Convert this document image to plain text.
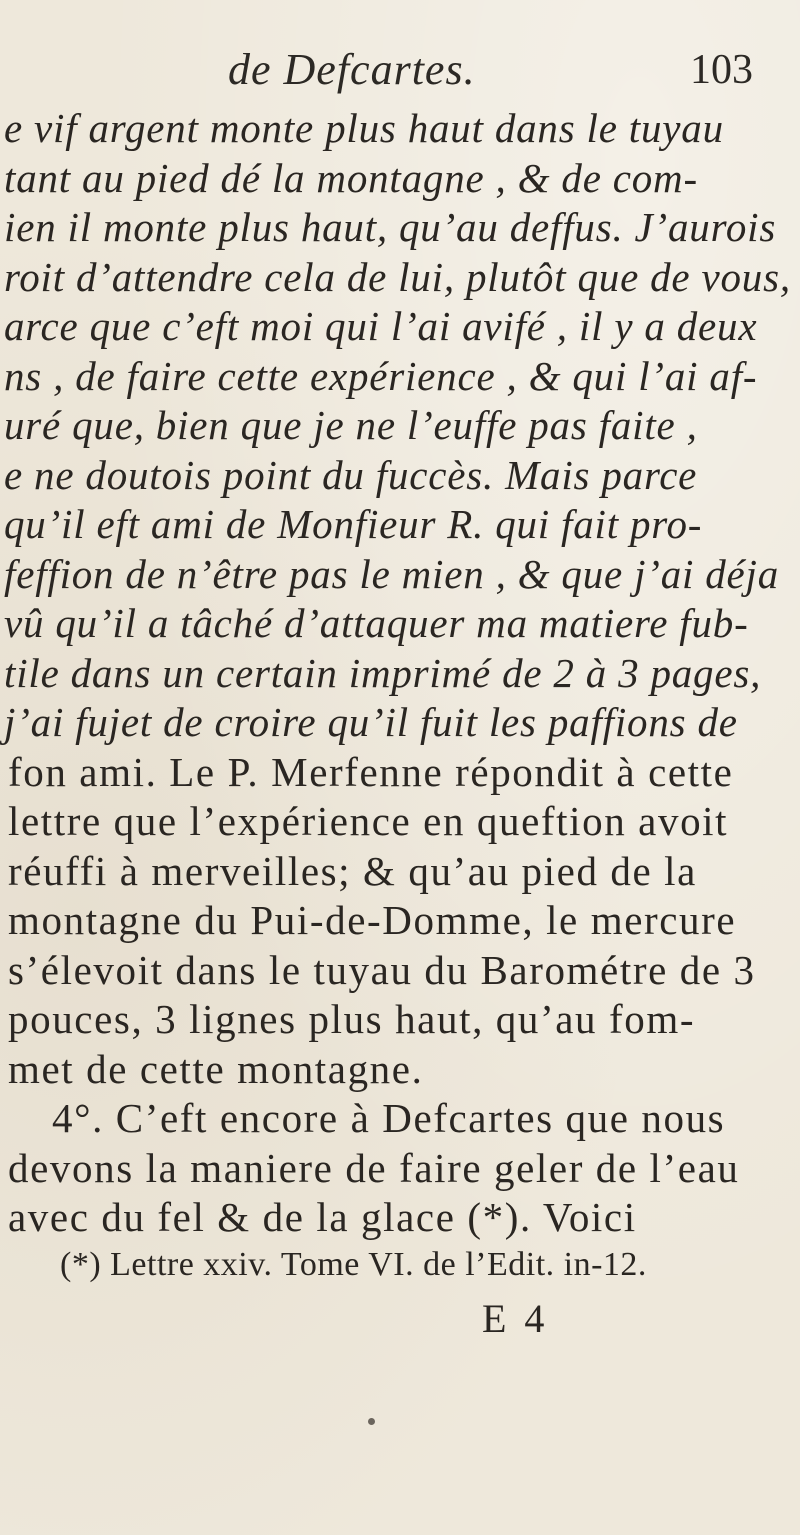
de Defcartes.	103
e vif argent monte plus haut dans le tuyau
tant au pied dé la montagne , & de com-
ien il monte plus haut, qu’au deffus. J’aurois
roit d’attendre cela de lui, plutôt que de vous,
arce que c’eft moi qui l’ai avifé , il y a deux
ns , de faire cette expérience , & qui l’ai af-
uré que, bien que je ne l’euffe pas faite ,
e ne doutois point du fuccès. Mais parce
qu’il eft ami de Monfieur R. qui fait pro-
feffion de n’être pas le mien , & que j’ai déja
vû qu’il a tâché d’attaquer ma matiere fub-
tile dans un certain imprimé de 2 à 3 pages,
j’ai fujet de croire qu’il fuit les paffions de
fon ami. Le P. Merfenne répondit à cette
lettre que l’expérience en queftion avoit
réuffi à merveilles; & qu’au pied de la
montagne du Pui-de-Domme, le mercure
s’élevoit dans le tuyau du Barométre de 3
pouces, 3 lignes plus haut, qu’au fom-
met de cette montagne.
4°. C’eft encore à Defcartes que nous
devons la maniere de faire geler de l’eau
avec du fel & de la glace (*). Voici
(*) Lettre xxiv. Tome VI. de l’Edit. in-12.
E 4
